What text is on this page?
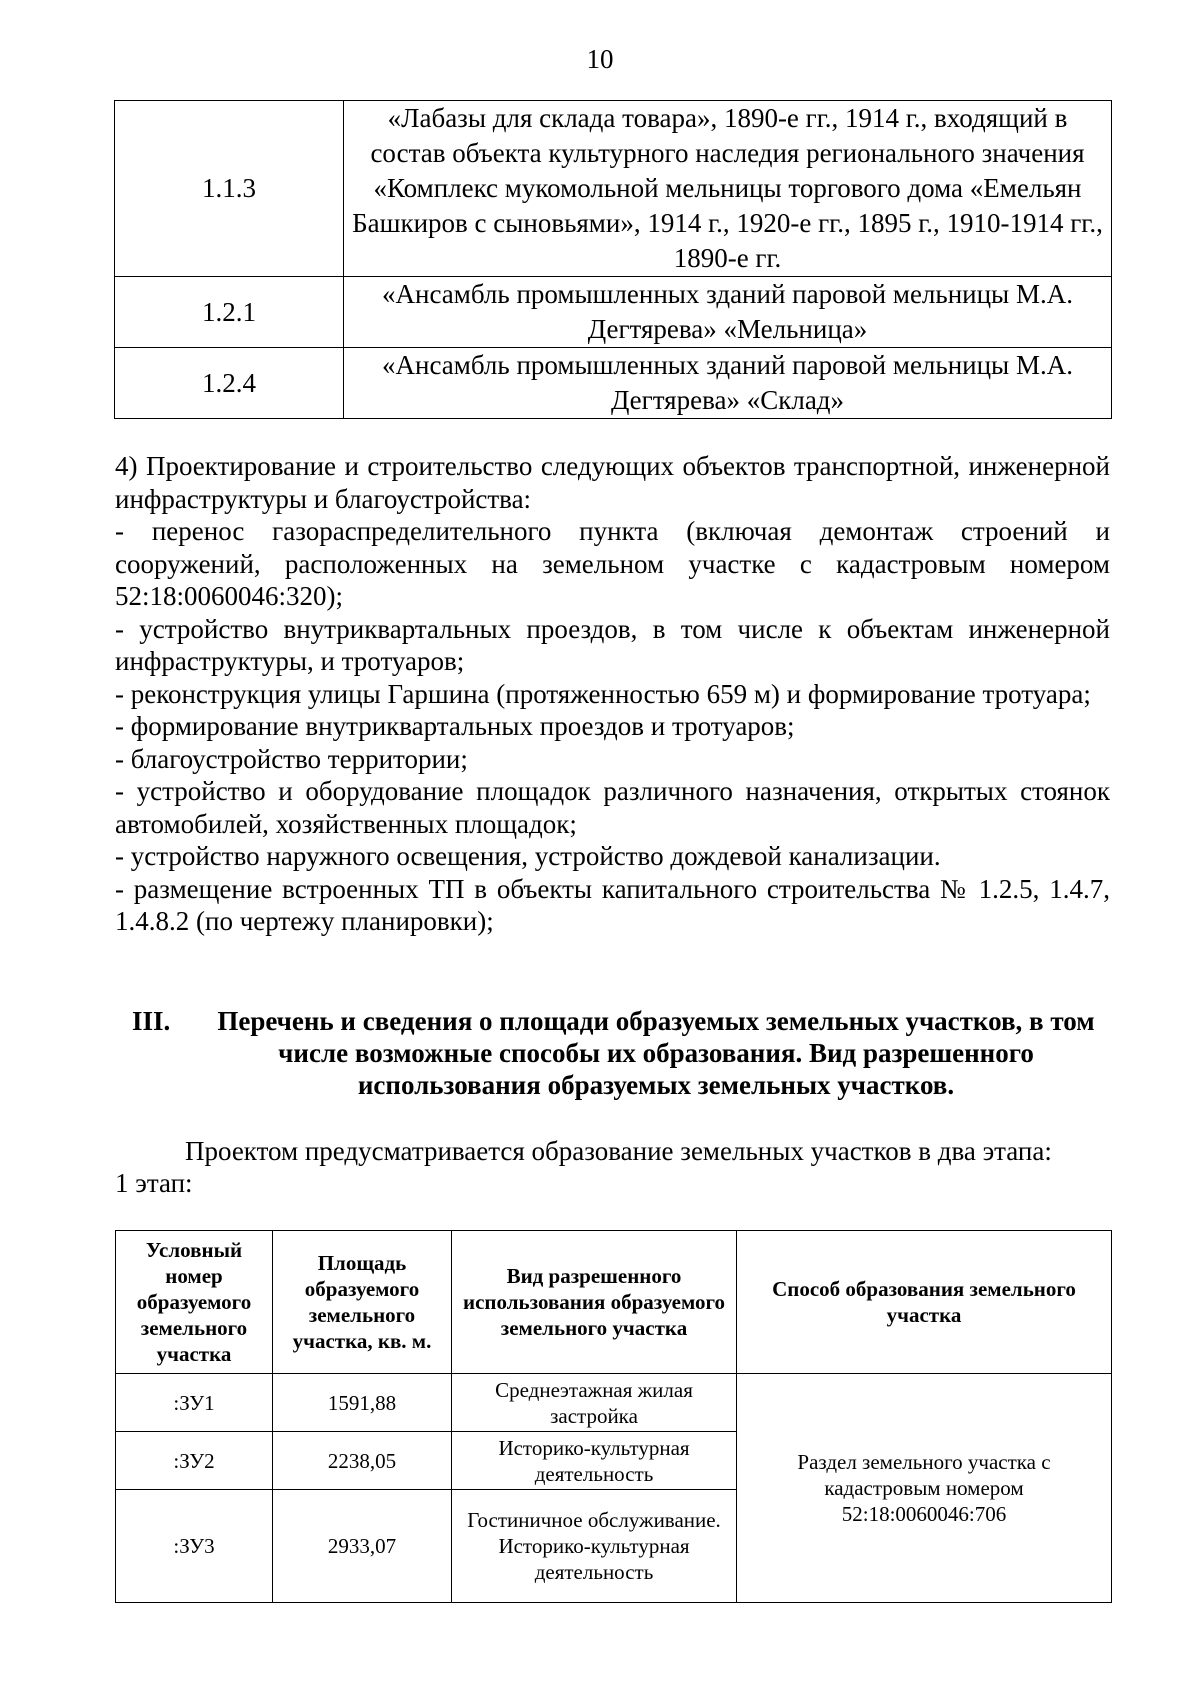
10
1.1.3	«Лабазы для склада товара», 1890-е гг., 1914 г., входящий в состав объекта культурного наследия регионального значения «Комплекс мукомольной мельницы торгового дома «Емельян Башкиров с сыновьями», 1914 г., 1920-е гг., 1895 г., 1910-1914 гг., 1890-е гг.
1.2.1	«Ансамбль промышленных зданий паровой мельницы М.А. Дегтярева» «Мельница»
1.2.4	«Ансамбль промышленных зданий паровой мельницы М.А. Дегтярева» «Склад»

4) Проектирование и строительство следующих объектов транспортной, инженерной инфраструктуры и благоустройства:

- перенос газораспределительного пункта (включая демонтаж строений и сооружений, расположенных на земельном участке с кадастровым номером 52:18:0060046:320);

- устройство внутриквартальных проездов, в том числе к объектам инженерной инфраструктуры, и тротуаров;

- реконструкция улицы Гаршина (протяженностью 659 м) и формирование тротуара;

- формирование внутриквартальных проездов и тротуаров;

- благоустройство территории;

- устройство и оборудование площадок различного назначения, открытых стоянок автомобилей, хозяйственных площадок;

- устройство наружного освещения, устройство дождевой канализации.

- размещение встроенных ТП в объекты капитального строительства № 1.2.5, 1.4.7, 1.4.8.2 (по чертежу планировки);

III. Перечень и сведения о площади образуемых земельных участков, в том числе возможные способы их образования. Вид разрешенного использования образуемых земельных участков.

Проектом предусматривается образование земельных участков в два этапа:

1 этап:

Условный номер образуемого земельного участка	Площадь образуемого земельного участка, кв. м.	Вид разрешенного использования образуемого земельного участка	Способ образования земельного участка
:ЗУ1	1591,88	Среднеэтажная жилая застройка	Раздел земельного участка с кадастровым номером 52:18:0060046:706
:ЗУ2	2238,05	Историко-культурная деятельность	
:ЗУ3	2933,07	Гостиничное обслуживание. Историко-культурная деятельность	
